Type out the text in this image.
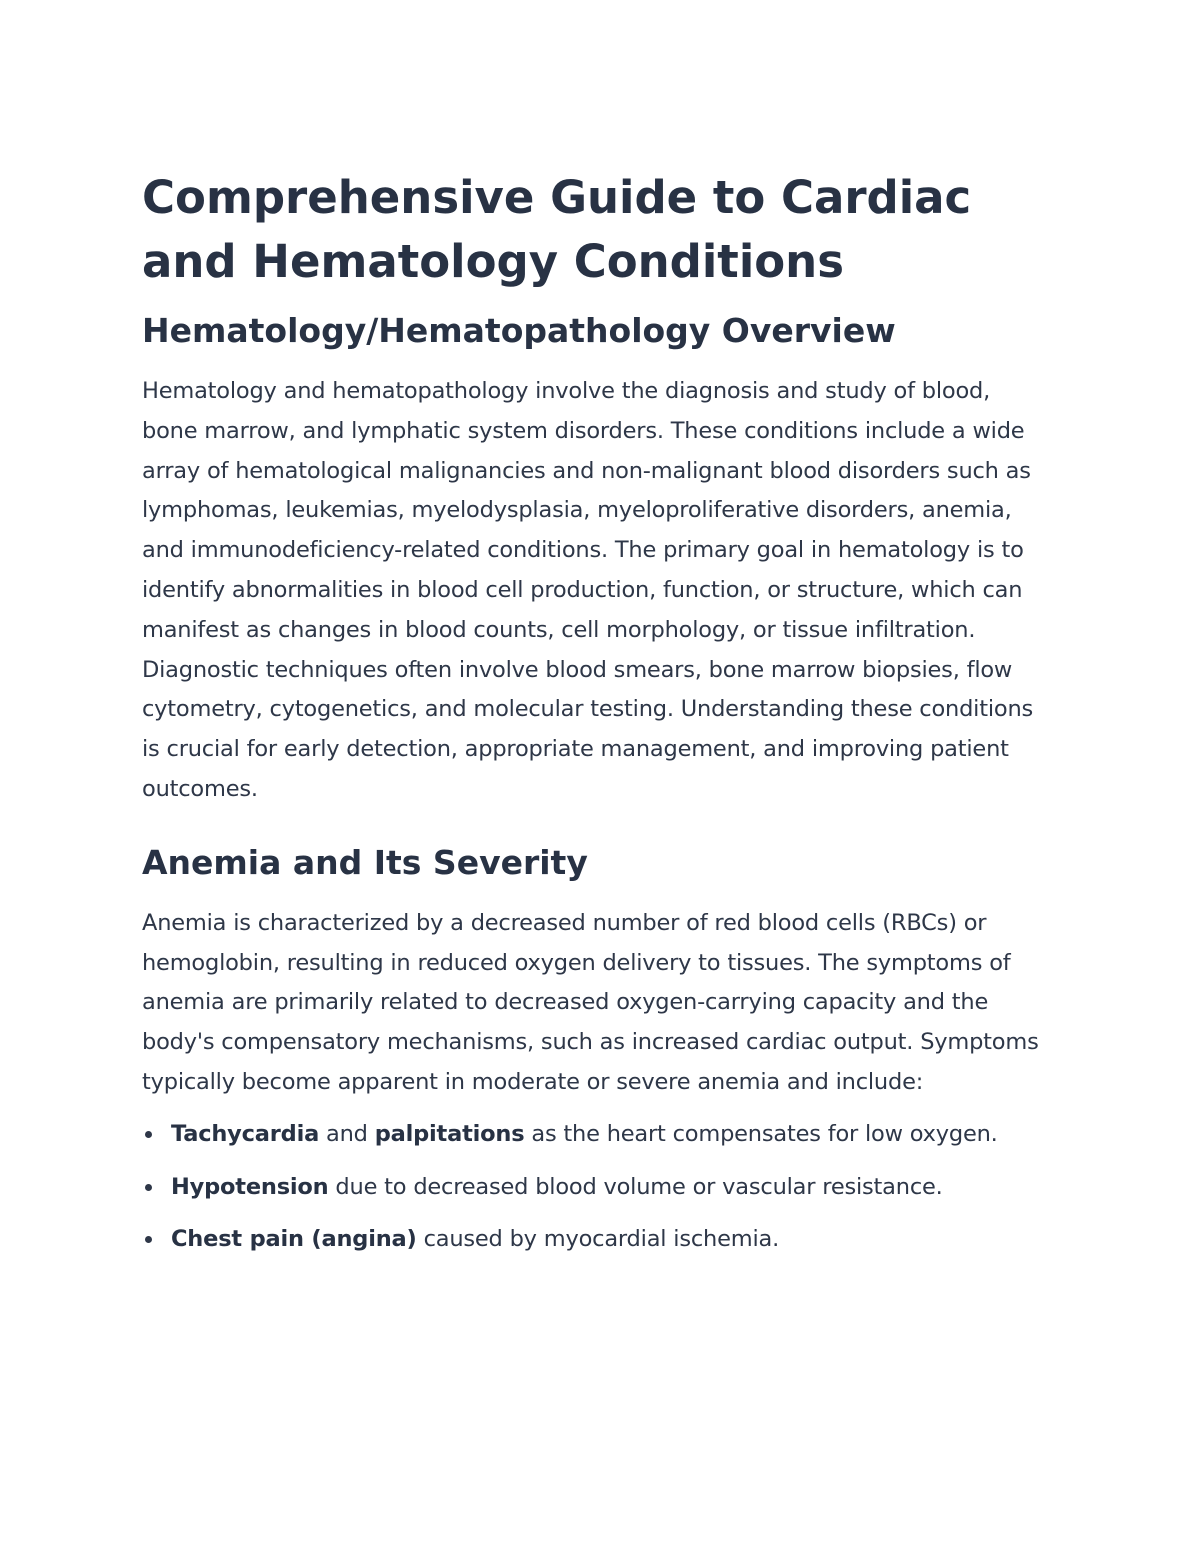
Comprehensive Guide to Cardiac and Hematology Conditions
Hematology/Hematopathology Overview

Hematology and hematopathology involve the diagnosis and study of blood, bone marrow, and lymphatic system disorders. These conditions include a wide array of hematological malignancies and non-malignant blood disorders such as lymphomas, leukemias, myelodysplasia, myeloproliferative disorders, anemia, and immunodeficiency-related conditions. The primary goal in hematology is to identify abnormalities in blood cell production, function, or structure, which can manifest as changes in blood counts, cell morphology, or tissue infiltration. Diagnostic techniques often involve blood smears, bone marrow biopsies, flow cytometry, cytogenetics, and molecular testing. Understanding these conditions is crucial for early detection, appropriate management, and improving patient outcomes.

Anemia and Its Severity

Anemia is characterized by a decreased number of red blood cells (RBCs) or hemoglobin, resulting in reduced oxygen delivery to tissues. The symptoms of anemia are primarily related to decreased oxygen-carrying capacity and the body's compensatory mechanisms, such as increased cardiac output. Symptoms typically become apparent in moderate or severe anemia and include:

Tachycardia and palpitations as the heart compensates for low oxygen.
Hypotension due to decreased blood volume or vascular resistance.
Chest pain (angina) caused by myocardial ischemia.
